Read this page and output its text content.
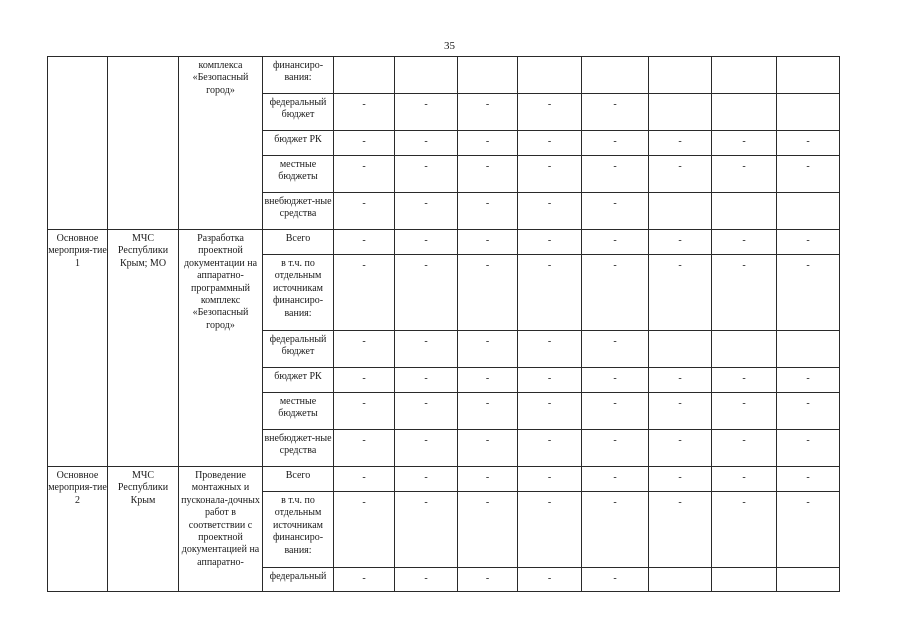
35
		комплекса «Безопасный город»	финансиро-вания:								
			федеральный бюджет	-	-	-	-	-			
			бюджет РК	-	-	-	-	-	-	-	-
			местные бюджеты	-	-	-	-	-	-	-	-
			внебюджет-ные средства	-	-	-	-	-			
Основное мероприя-тие 1	МЧС Республики Крым; МО	Разработка проектной документации на аппаратно-программный комплекс «Безопасный город»	Всего	-	-	-	-	-	-	-	-
			в т.ч. по отдельным источникам финансиро-вания:	-	-	-	-	-	-	-	-
			федеральный бюджет	-	-	-	-	-			
			бюджет РК	-	-	-	-	-	-	-	-
			местные бюджеты	-	-	-	-	-	-	-	-
			внебюджет-ные средства	-	-	-	-	-	-	-	-
Основное мероприя-тие 2	МЧС Республики Крым	Проведение монтажных и пусконала-дочных работ в соответствии с проектной документацией на аппаратно-	Всего	-	-	-	-	-	-	-	-
			в т.ч. по отдельным источникам финансиро-вания:	-	-	-	-	-	-	-	-
			федеральный	-	-	-	-	-			
